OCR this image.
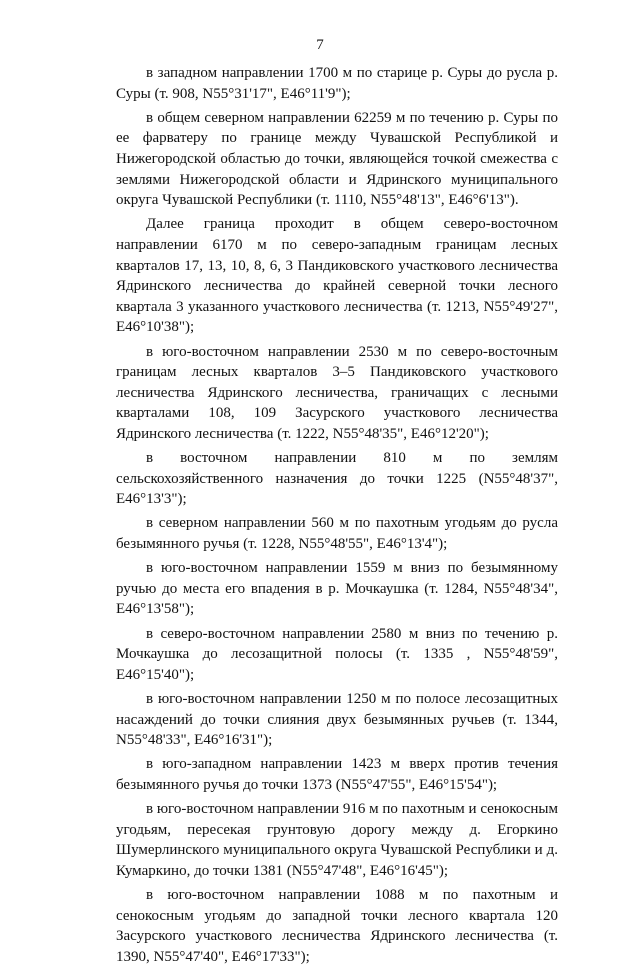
7

в западном направлении 1700 м по старице р. Суры до русла р. Суры (т. 908, N55°31'17", E46°11'9");

в общем северном направлении 62259 м по течению р. Суры по ее фарватеру по границе между Чувашской Республикой и Нижегородской областью до точки, являющейся точкой смежества с землями Нижегородской области и Ядринского муниципального округа Чувашской Республики (т. 1110, N55°48'13", E46°6'13").

Далее граница проходит в общем северо-восточном направлении 6170 м по северо-западным границам лесных кварталов 17, 13, 10, 8, 6, 3 Пандиковского участкового лесничества Ядринского лесничества до крайней северной точки лесного квартала 3 указанного участкового лесничества (т. 1213, N55°49'27", E46°10'38");

в юго-восточном направлении 2530 м по северо-восточным границам лесных кварталов 3–5 Пандиковского участкового лесничества Ядринского лесничества, граничащих с лесными кварталами 108, 109 Засурского участкового лесничества Ядринского лесничества (т. 1222, N55°48'35", E46°12'20");

в восточном направлении 810 м по землям сельскохозяйственного назначения до точки 1225 (N55°48'37", E46°13'3");

в северном направлении 560 м по пахотным угодьям до русла безымянного ручья (т. 1228, N55°48'55", E46°13'4");

в юго-восточном направлении 1559 м вниз по безымянному ручью до места его впадения в р. Мочкаушка (т. 1284, N55°48'34", E46°13'58");

в северо-восточном направлении 2580 м вниз по течению р. Мочкаушка до лесозащитной полосы (т. 1335 , N55°48'59", E46°15'40");

в юго-восточном направлении 1250 м по полосе лесозащитных насаждений до точки слияния двух безымянных ручьев (т. 1344, N55°48'33", E46°16'31");

в юго-западном направлении 1423 м вверх против течения безымянного ручья до точки 1373 (N55°47'55", E46°15'54");

в юго-восточном направлении 916 м по пахотным и сенокосным угодьям, пересекая грунтовую дорогу между д. Егоркино Шумерлинского муниципального округа Чувашской Республики и д. Кумаркино, до точки 1381 (N55°47'48", E46°16'45");

в юго-восточном направлении 1088 м по пахотным и сенокосным угодьям до западной точки лесного квартала 120 Засурского участкового лесничества Ядринского лесничества (т. 1390, N55°47'40", E46°17'33");
